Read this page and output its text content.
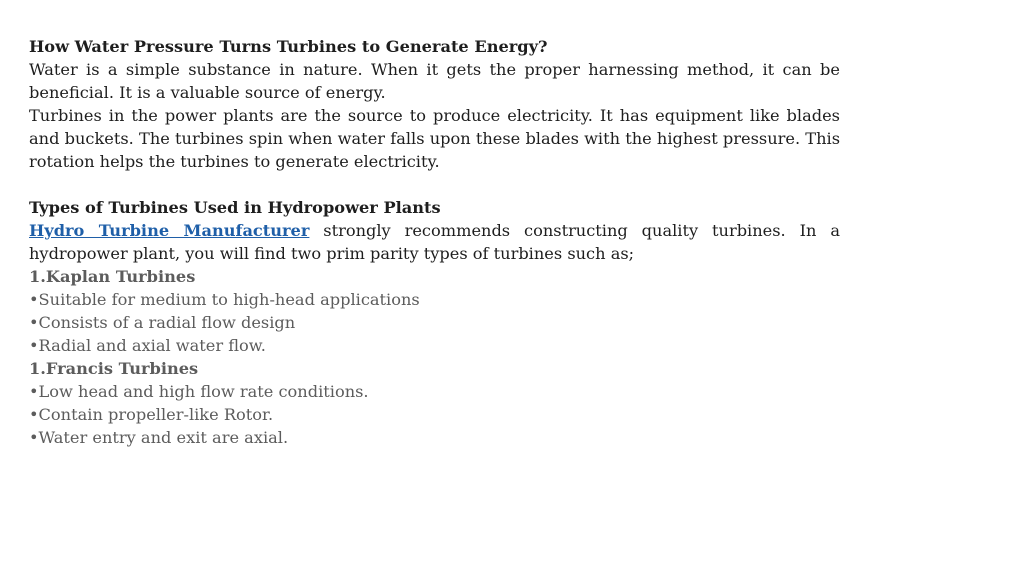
How Water Pressure Turns Turbines to Generate Energy?

Water is a simple substance in nature. When it gets the proper harnessing method, it can be beneficial. It is a valuable source of energy.

Turbines in the power plants are the source to produce electricity. It has equipment like blades and buckets. The turbines spin when water falls upon these blades with the highest pressure. This rotation helps the turbines to generate electricity.

Types of Turbines Used in Hydropower Plants

Hydro Turbine Manufacturer strongly recommends constructing quality turbines. In a hydropower plant, you will find two prim parity types of turbines such as;

1.Kaplan Turbines

•Suitable for medium to high-head applications

•Consists of a radial flow design

•Radial and axial water flow.

1.Francis Turbines

•Low head and high flow rate conditions.

•Contain propeller-like Rotor.

•Water entry and exit are axial.
